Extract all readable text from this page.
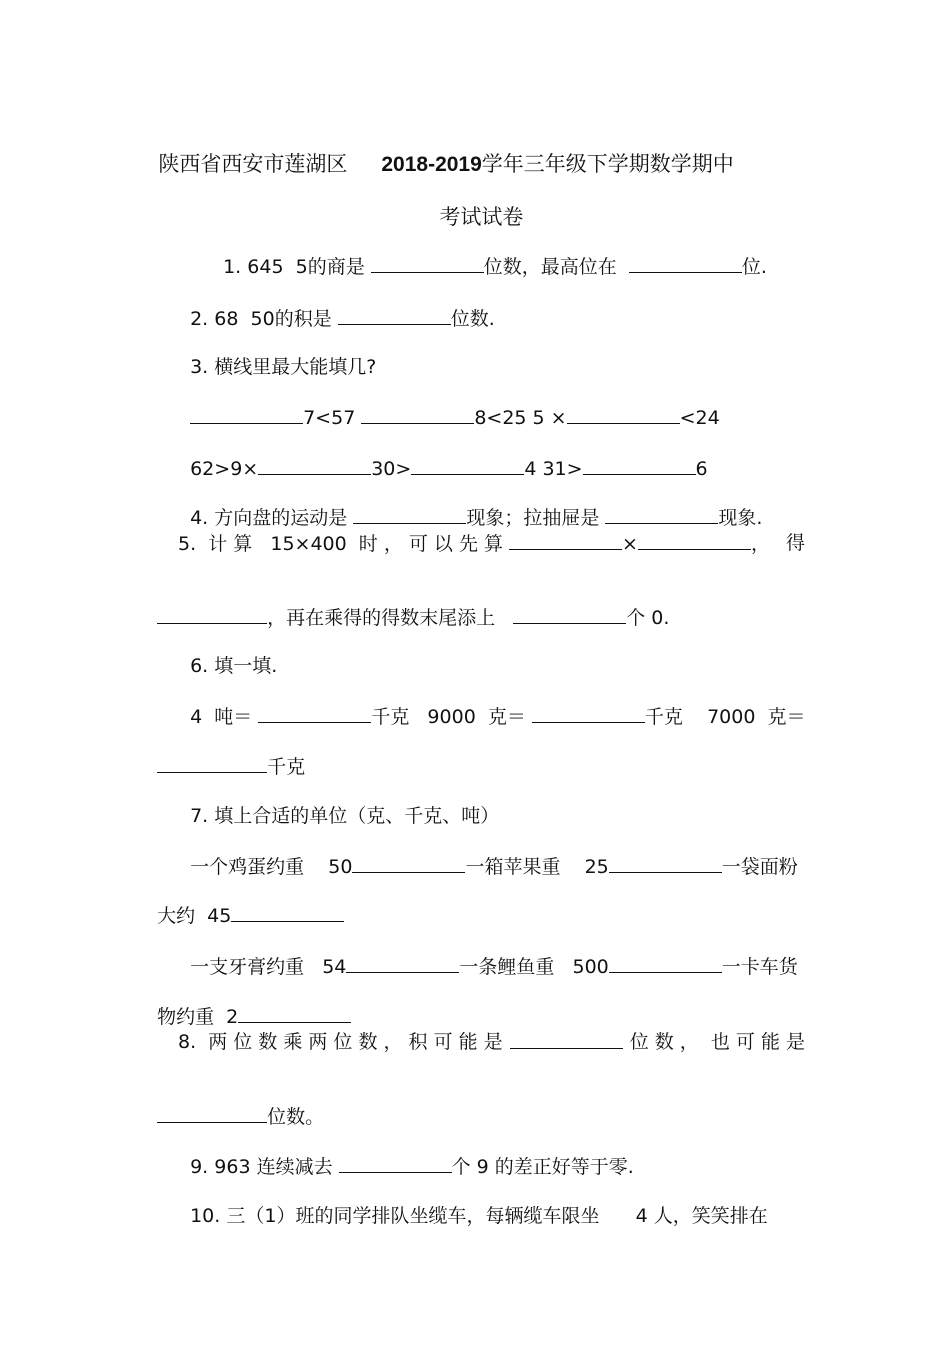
陕西省西安市莲湖区 2018-2019学年三年级下学期数学期中

考试试卷

1. 645  5的商是	位数，最高位在	位.

2. 68  50的积是	位数.

3. 横线里最大能填几?

7<57	8<25 5 ×	<24

62>9×	30>	4 31>	6

4. 方向盘的运动是	现象；拉抽屉是	现象.

5.  计 算   15×400  时 ， 可 以 先 算	×	， 得

，再在乘得的得数末尾添上	个 0.

6. 填一填.

4  吨＝	千克   9000  克＝	千克    7000  克＝

千克

7. 填上合适的单位（克、千克、吨）

一个鸡蛋约重    50	一箱苹果重    25	一袋面粉

大约  45

一支牙膏约重   54	一条鲤鱼重   500	一卡车货

物约重  2

8.  两 位 数 乘 两 位 数 ， 积 可 能 是	位 数 ，  也 可 能 是

位数。

9. 963 连续减去	个 9 的差正好等于零.

10. 三（1）班的同学排队坐缆车，每辆缆车限坐      4 人，笑笑排在
